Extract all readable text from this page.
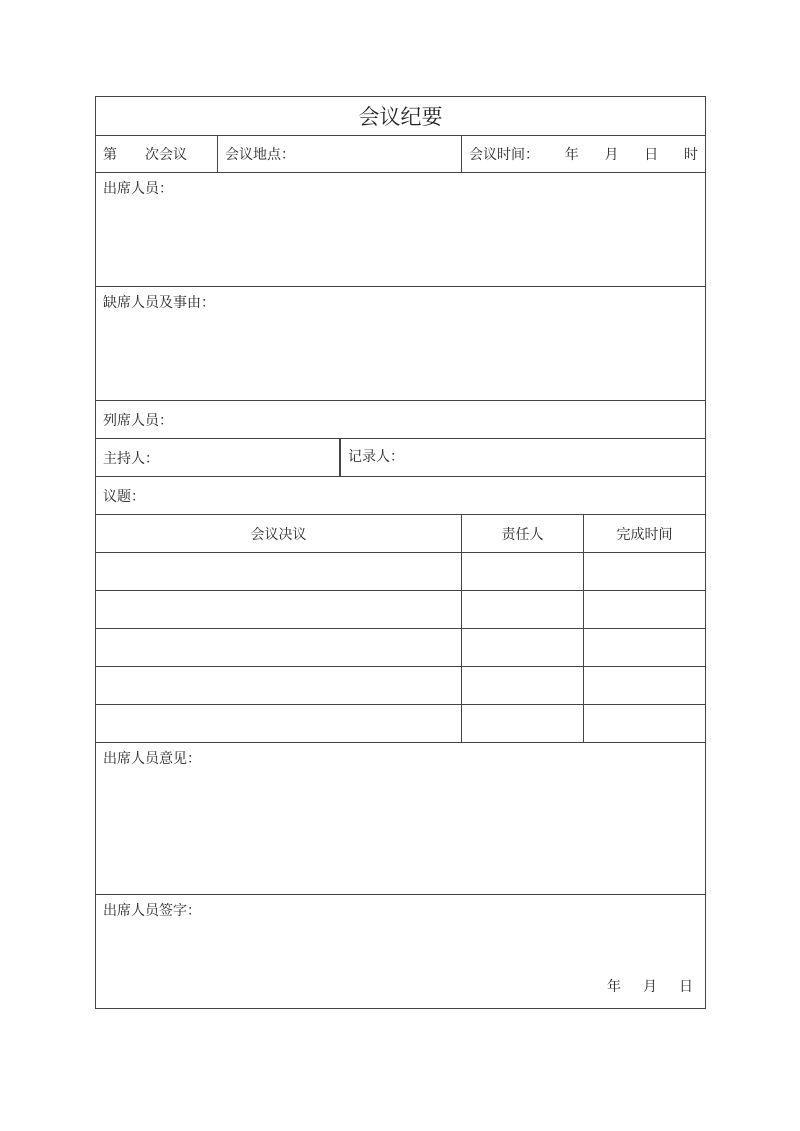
会议纪要				
第 次会议	会议地点：		会议时间： 年 月 日 时	

出席人员：				
缺席人员及事由：				
列席人员：				
主持人：		记录人：		

议题：				
会议决议			责任人	完成时间

出席人员意见：				
出席人员签字：
年 月 日				
